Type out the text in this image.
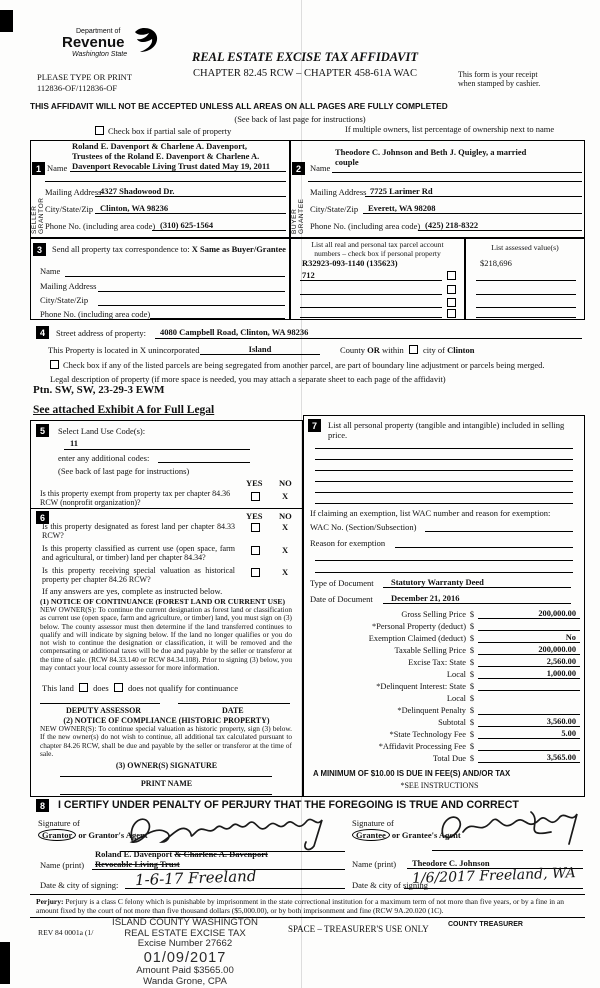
Department of
Revenue
Washington State	REAL ESTATE EXCISE TAX AFFIDAVIT
CHAPTER 82.45 RCW – CHAPTER 458-61A WAC
PLEASE TYPE OR PRINT
112836-OF/112836-OF
This form is your receipt
when stamped by cashier.
THIS AFFIDAVIT WILL NOT BE ACCEPTED UNLESS ALL AREAS ON ALL PAGES ARE FULLY COMPLETED
(See back of last page for instructions)
Check box if partial sale of property	If multiple owners, list percentage of ownership next to name
1
SELLER GRANTOR
Name
Roland E. Davenport & Charlene A. Davenport,
Trustees of the Roland E. Davenport & Charlene A.
Davenport Revocable Living Trust dated May 19, 2011
Mailing Address
4327 Shadowood Dr.
City/State/Zip Clinton, WA 98236
Phone No. (including area code) (310) 625-1564
2
BUYER GRANTEE
Name
Theodore C. Johnson and Beth J. Quigley, a married
couple
Mailing Address 7725 Larimer Rd
City/State/Zip Everett, WA 98208
Phone No. (including area code) (425) 218-8322
3	Send all property tax correspondence to: X Same as Buyer/Grantee
Name
Mailing Address
City/State/Zip
Phone No. (including area code)
List all real and personal tax parcel account
numbers – check box if personal property
R32923-093-1140 (135623)
712
List assessed value(s)
$218,696
4	Street address of property: 4080 Campbell Road, Clinton, WA 98236
This Property is located in X unincorporated	Island	County OR within city of Clinton
Check box if any of the listed parcels are being segregated from another parcel, are part of boundary line adjustment or parcels being merged.
Legal description of property (if more space is needed, you may attach a separate sheet to each page of the affidavit)
Ptn. SW, SW, 23-29-3 EWM
See attached Exhibit A for Full Legal
5	Select Land Use Code(s):
11
enter any additional codes:
(See back of last page for instructions)
YES NO
Is this property exempt from property tax per chapter 84.36 RCW (nonprofit organization)?
X
6	YES NO
Is this property designated as forest land per chapter 84.33 RCW?
X
Is this property classified as current use (open space, farm and agricultural, or timber) land per chapter 84.34?
X
Is this property receiving special valuation as historical property per chapter 84.26 RCW?
X
If any answers are yes, complete as instructed below.
(1) NOTICE OF CONTINUANCE (FOREST LAND OR CURRENT USE)
NEW OWNER(S): To continue the current designation as forest land or classification as current use (open space, farm and agriculture, or timber) land, you must sign on (3) below. The county assessor must then determine if the land transferred continues to qualify and will indicate by signing below. If the land no longer qualifies or you do not wish to continue the designation or classification, it will be removed and the compensating or additional taxes will be due and payable by the seller or transferor at the time of sale. (RCW 84.33.140 or RCW 84.34.108). Prior to signing (3) below, you may contact your local county assessor for more information.
This land does does not qualify for continuance
DEPUTY ASSESSOR	DATE
(2) NOTICE OF COMPLIANCE (HISTORIC PROPERTY)
NEW OWNER(S): To continue special valuation as historic property, sign (3) below. If the new owner(s) do not wish to continue, all additional tax calculated pursuant to chapter 84.26 RCW, shall be due and payable by the seller or transferor at the time of sale.
(3) OWNER(S) SIGNATURE
PRINT NAME
7	List all personal property (tangible and intangible) included in selling price.
If claiming an exemption, list WAC number and reason for exemption:
WAC No. (Section/Subsection)
Reason for exemption
Type of Document Statutory Warranty Deed
Date of Document December 21, 2016
Gross Selling Price $	200,000.00
*Personal Property (deduct) $
Exemption Claimed (deduct) $	No
Taxable Selling Price $	200,000.00
Excise Tax: State $	2,560.00
Local $	1,000.00
*Delinquent Interest: State $
Local $
*Delinquent Penalty $
Subtotal $	3,560.00
*State Technology Fee $	5.00
*Affidavit Processing Fee $
Total Due $	3,565.00
A MINIMUM OF $10.00 IS DUE IN FEE(S) AND/OR TAX
*SEE INSTRUCTIONS
8	I CERTIFY UNDER PENALTY OF PERJURY THAT THE FOREGOING IS TRUE AND CORRECT
Signature of
Grantor or Grantor's Agent
Signature of
Grantee or Grantee's Agent
Name (print)
Roland E. Davenport & Charlene A. Davenport
Revocable Living Trust
Date & city of signing: 1-6-17 Freeland
Name (print) Theodore C. Johnson
Date & city of signing
1/6/2017 Freeland, WA
Perjury: Perjury is a class C felony which is punishable by imprisonment in the state correctional institution for a maximum term of not more than five years, or by a fine in an amount fixed by the court of not more than five thousand dollars ($5,000.00), or by both imprisonment and fine (RCW 9A.20.020 (1C).
REV 84 0001a (1/
ISLAND COUNTY WASHINGTON
REAL ESTATE EXCISE TAX
Excise Number 27662
01/09/2017
Amount Paid $3565.00
Wanda Grone, CPA
SPACE – TREASURER'S USE ONLY	COUNTY TREASURER
